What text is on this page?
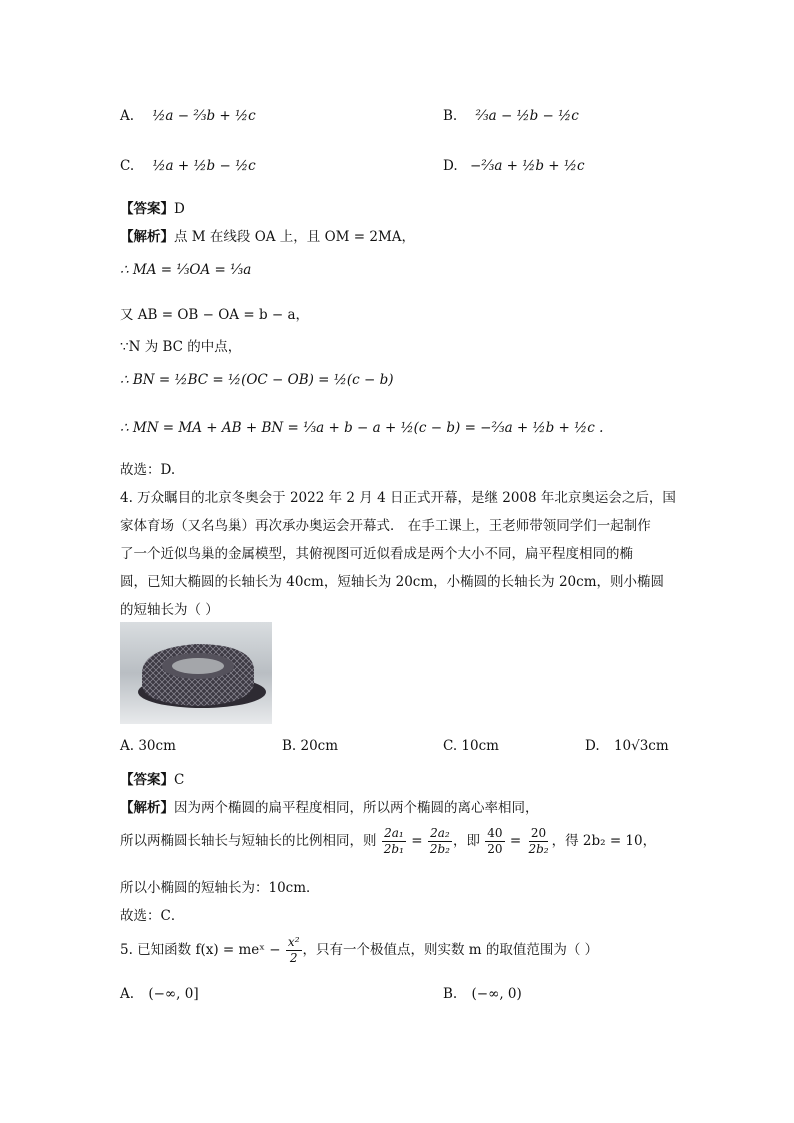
A. ½a − ⅔b + ½c	B. ⅔a − ½b − ½c
C. ½a + ½b − ½c	D. −⅔a + ½b + ½c
【答案】D
【解析】点 M 在线段 OA 上，且 OM = 2MA，
∴ MA = ⅓OA = ⅓a
又 AB = OB − OA = b − a，
∵N 为 BC 的中点，
∴ BN = ½BC = ½(OC − OB) = ½(c − b)
∴ MN = MA + AB + BN = ⅓a + b − a + ½(c − b) = −⅔a + ½b + ½c .
故选：D.
4. 万众瞩目的北京冬奥会于 2022 年 2 月 4 日正式开幕，是继 2008 年北京奥运会之后，国
家体育场（又名鸟巢）再次承办奥运会开幕式． 在手工课上，王老师带领同学们一起制作
了一个近似鸟巢的金属模型，其俯视图可近似看成是两个大小不同，扁平程度相同的椭
圆，已知大椭圆的长轴长为 40cm，短轴长为 20cm，小椭圆的长轴长为 20cm，则小椭圆
的短轴长为（ ）
A. 30cm	B. 20cm	C. 10cm	D. 10√3cm
【答案】C
【解析】因为两个椭圆的扁平程度相同，所以两个椭圆的离心率相同，
所以两椭圆长轴长与短轴长的比例相同，则 $\frac{\text{2a₁}}{\text{2b₁}} = \frac{\text{2a₂}}{\text{2b₂}}$ ，即 $\frac{40}{20} = \frac{20}{\text{2b₂}}$ ，得 2b₂ = 10，
所以小椭圆的短轴长为：10cm．
故选：C．
5. 已知函数 f(x) = meˣ − $\frac{\text{x²}}{2}$ ，只有一个极值点，则实数 m 的取值范围为（ ）
A. (−∞, 0]	B. (−∞, 0)
